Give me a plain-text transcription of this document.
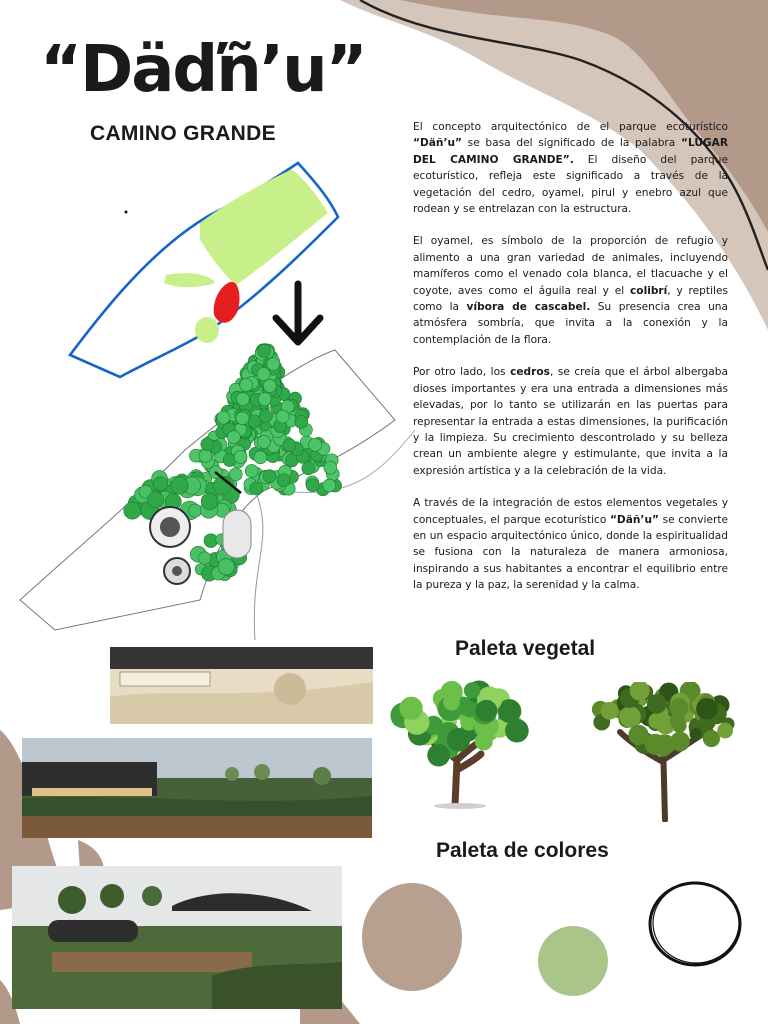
“Däďñ’u”
CAMINO GRANDE	El concepto arquitectónico de el parque ecoturístico “Däñ’u” se basa del significado de la palabra “LUGAR DEL CAMINO GRANDE”. El diseño del parque ecoturístico, refleja este significado a través de la vegetación del cedro, oyamel, pirul y enebro azul que rodean y se entrelazan con la estructura.

El oyamel, es símbolo de la proporción de refugio y alimento a una gran variedad de animales, incluyendo mamíferos como el venado cola blanca, el tlacuache y el coyote, aves como el águila real y el colibrí, y reptiles como la víbora de cascabel. Su presencia crea una atmósfera sombría, que invita a la conexión y la contemplación de la flora.

Por otro lado, los cedros, se creía que el árbol albergaba dioses importantes y era una entrada a dimensiones más elevadas, por lo tanto se utilizarán en las puertas para representar la entrada a estas dimensiones, la purificación y la limpieza. Su crecimiento descontrolado y su belleza crean un ambiente alegre y estimulante, que invita a la expresión artística y a la celebración de la vida.

A través de la integración de estos elementos vegetales y conceptuales, el parque ecoturístico “Däñ’u” se convierte en un espacio arquitectónico único, donde la espiritualidad se fusiona con la naturaleza de manera armoniosa, inspirando a sus habitantes a encontrar el equilibrio entre la pureza y la paz, la serenidad y la calma.

Paleta vegetal
Paleta de colores
